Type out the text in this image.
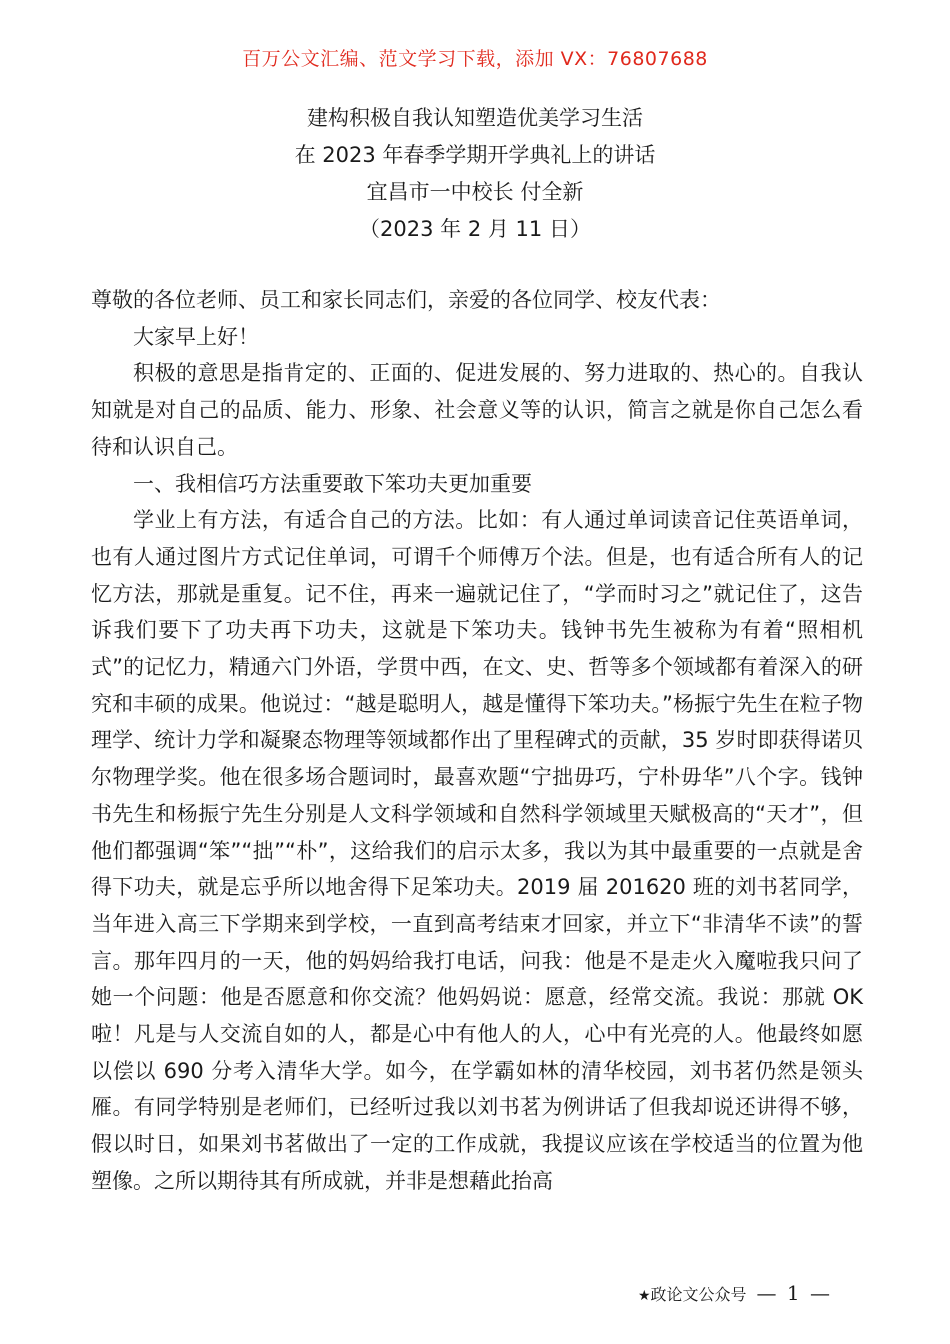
百万公文汇编、范文学习下载，添加 VX：76807688
建构积极自我认知塑造优美学习生活
在 2023 年春季学期开学典礼上的讲话
宜昌市一中校长 付全新
（2023 年 2 月 11 日）

尊敬的各位老师、员工和家长同志们，亲爱的各位同学、校友代表：

大家早上好！

积极的意思是指肯定的、正面的、促进发展的、努力进取的、热心的。自我认知就是对自己的品质、能力、形象、社会意义等的认识，简言之就是你自己怎么看待和认识自己。

一、我相信巧方法重要敢下笨功夫更加重要

学业上有方法，有适合自己的方法。比如：有人通过单词读音记住英语单词，也有人通过图片方式记住单词，可谓千个师傅万个法。但是，也有适合所有人的记忆方法，那就是重复。记不住，再来一遍就记住了，“学而时习之”就记住了，这告诉我们要下了功夫再下功夫，这就是下笨功夫。钱钟书先生被称为有着“照相机式”的记忆力，精通六门外语，学贯中西，在文、史、哲等多个领域都有着深入的研究和丰硕的成果。他说过：“越是聪明人，越是懂得下笨功夫。”杨振宁先生在粒子物理学、统计力学和凝聚态物理等领域都作出了里程碑式的贡献，35 岁时即获得诺贝尔物理学奖。他在很多场合题词时，最喜欢题“宁拙毋巧，宁朴毋华”八个字。钱钟书先生和杨振宁先生分别是人文科学领域和自然科学领域里天赋极高的“天才”，但他们都强调“笨”“拙”“朴”，这给我们的启示太多，我以为其中最重要的一点就是舍得下功夫，就是忘乎所以地舍得下足笨功夫。2019 届 201620 班的刘书茗同学，当年进入高三下学期来到学校，一直到高考结束才回家，并立下“非清华不读”的誓言。那年四月的一天，他的妈妈给我打电话，问我：他是不是走火入魔啦我只问了她一个问题：他是否愿意和你交流？他妈妈说：愿意，经常交流。我说：那就 OK 啦！凡是与人交流自如的人，都是心中有他人的人，心中有光亮的人。他最终如愿以偿以 690 分考入清华大学。如今，在学霸如林的清华校园，刘书茗仍然是领头雁。有同学特别是老师们，已经听过我以刘书茗为例讲话了但我却说还讲得不够，假以时日，如果刘书茗做出了一定的工作成就，我提议应该在学校适当的位置为他塑像。之所以期待其有所成就，并非是想藉此抬高

★政论文公众号 — 1 —
